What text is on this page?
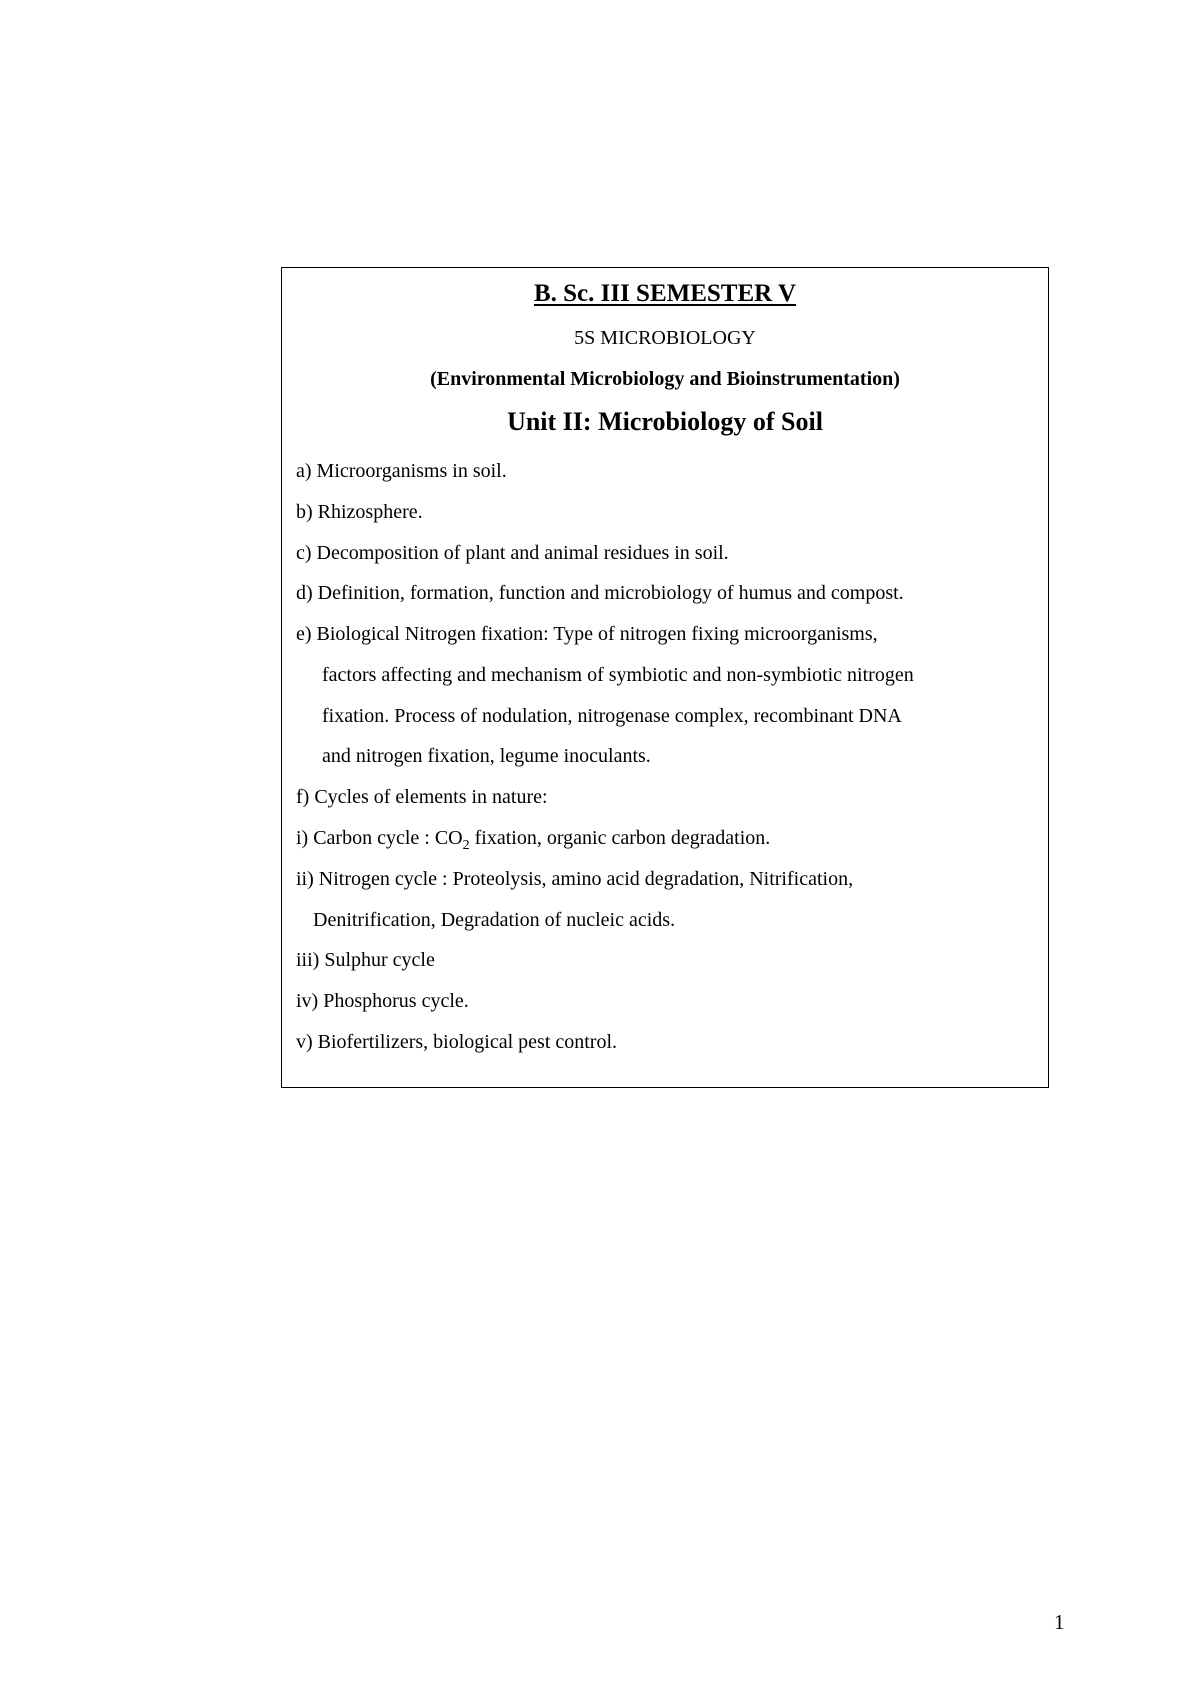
B. Sc. III SEMESTER V
5S MICROBIOLOGY
(Environmental Microbiology and Bioinstrumentation)
Unit II: Microbiology of Soil
a) Microorganisms in soil.
b) Rhizosphere.
c) Decomposition of plant and animal residues in soil.
d) Definition, formation, function and microbiology of humus and compost.
e) Biological Nitrogen fixation: Type of nitrogen fixing microorganisms,
factors affecting and mechanism of symbiotic and non-symbiotic nitrogen
fixation. Process of nodulation, nitrogenase complex, recombinant DNA
and nitrogen fixation, legume inoculants.
f) Cycles of elements in nature:
i) Carbon cycle : $CO_2$ fixation, organic carbon degradation.
ii) Nitrogen cycle : Proteolysis, amino acid degradation, Nitrification,
Denitrification, Degradation of nucleic acids.
iii) Sulphur cycle
iv) Phosphorus cycle.
v) Biofertilizers, biological pest control.
1
